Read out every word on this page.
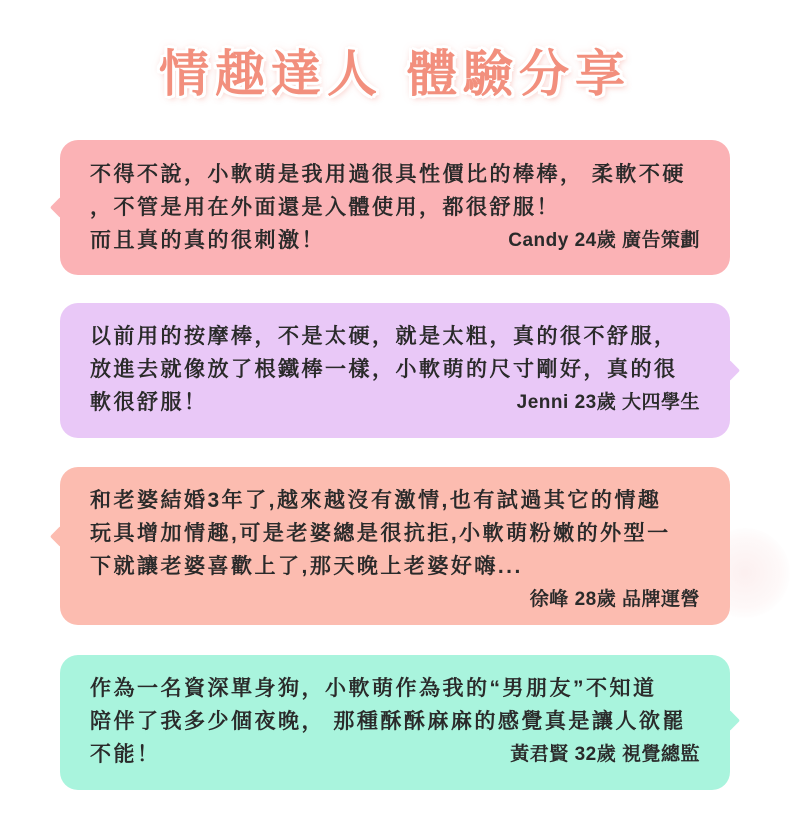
情趣達人 體驗分享
不得不說，小軟萌是我用過很具性價比的棒棒， 柔軟不硬
，不管是用在外面還是入體使用，都很舒服！
而且真的真的很刺激！	Candy 24歲 廣告策劃
以前用的按摩棒，不是太硬，就是太粗，真的很不舒服，
放進去就像放了根鐵棒一樣，小軟萌的尺寸剛好，真的很
軟很舒服！	Jenni 23歲 大四學生
和老婆結婚3年了,越來越沒有激情,也有試過其它的情趣
玩具增加情趣,可是老婆總是很抗拒,小軟萌粉嫩的外型一
下就讓老婆喜歡上了,那天晚上老婆好嗨...
徐峰 28歲 品牌運營
作為一名資深單身狗，小軟萌作為我的“男朋友”不知道
陪伴了我多少個夜晚， 那種酥酥麻麻的感覺真是讓人欲罷
不能！	黃君賢 32歲 視覺總監
